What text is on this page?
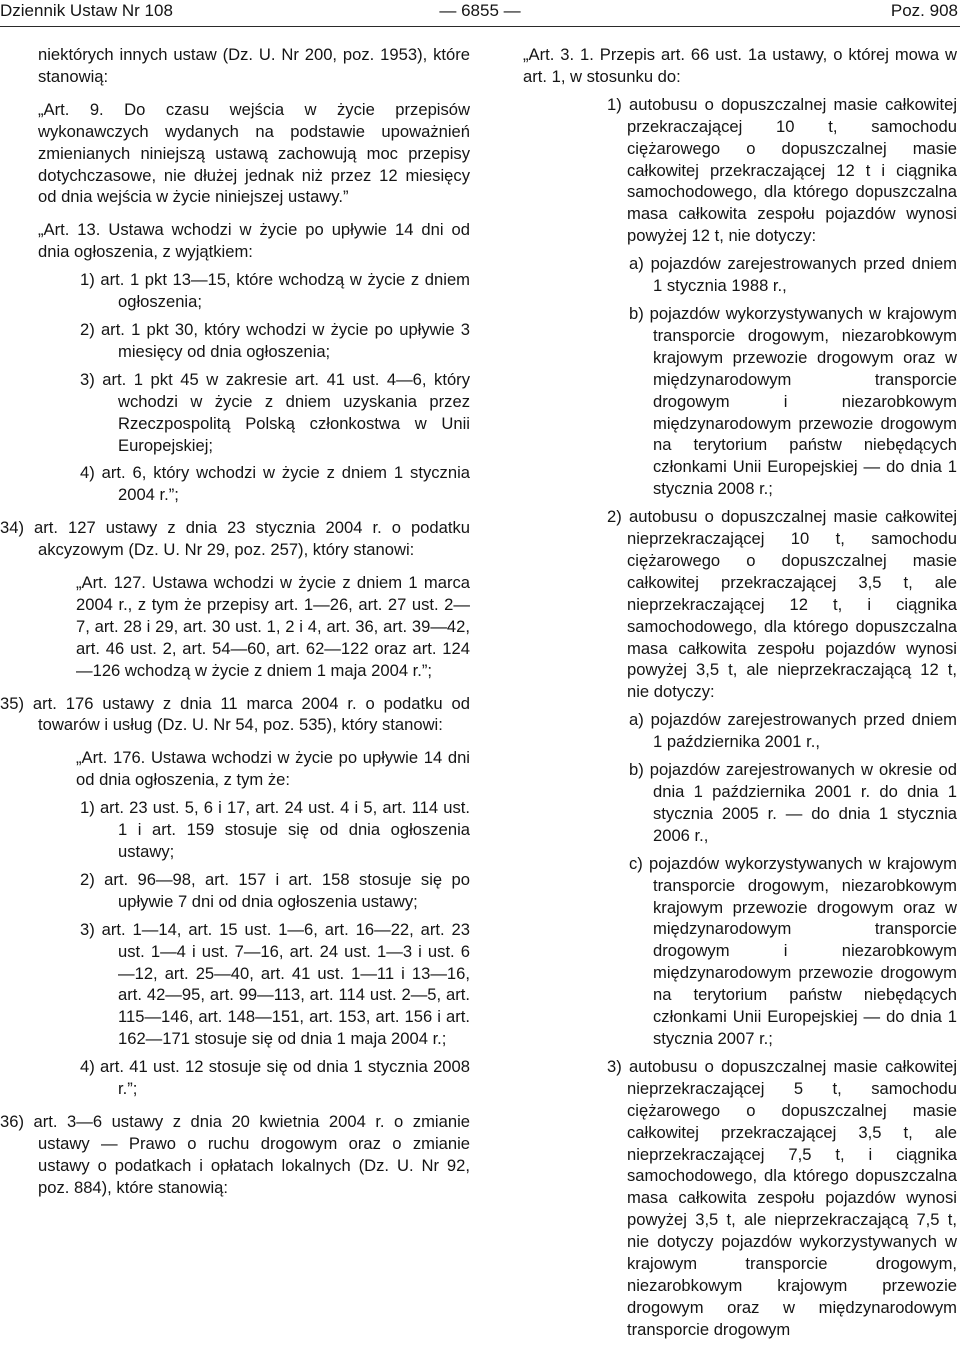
Dziennik Ustaw Nr 108	— 6855 —	Poz. 908

niektórych innych ustaw (Dz. U. Nr 200, poz. 1953), które stanowią:

„Art. 9. Do czasu wejścia w życie przepisów wykonawczych wydanych na podstawie upoważnień zmienianych niniejszą ustawą zachowują moc przepisy dotychczasowe, nie dłużej jednak niż przez 12 miesięcy od dnia wejścia w życie niniejszej ustawy.”

„Art. 13. Ustawa wchodzi w życie po upływie 14 dni od dnia ogłoszenia, z wyjątkiem:

1) art. 1 pkt 13—15, które wchodzą w życie z dniem ogłoszenia;

2) art. 1 pkt 30, który wchodzi w życie po upływie 3 miesięcy od dnia ogłoszenia;

3) art. 1 pkt 45 w zakresie art. 41 ust. 4—6, który wchodzi w życie z dniem uzyskania przez Rzeczpospolitą Polską członkostwa w Unii Europejskiej;

4) art. 6, który wchodzi w życie z dniem 1 stycznia 2004 r.”;

34) art. 127 ustawy z dnia 23 stycznia 2004 r. o podatku akcyzowym (Dz. U. Nr 29, poz. 257), który stanowi:

„Art. 127. Ustawa wchodzi w życie z dniem 1 marca 2004 r., z tym że przepisy art. 1—26, art. 27 ust. 2—7, art. 28 i 29, art. 30 ust. 1, 2 i 4, art. 36, art. 39—42, art. 46 ust. 2, art. 54—60, art. 62—122 oraz art. 124—126 wchodzą w życie z dniem 1 maja 2004 r.”;

35) art. 176 ustawy z dnia 11 marca 2004 r. o podatku od towarów i usług (Dz. U. Nr 54, poz. 535), który stanowi:

„Art. 176. Ustawa wchodzi w życie po upływie 14 dni od dnia ogłoszenia, z tym że:

1) art. 23 ust. 5, 6 i 17, art. 24 ust. 4 i 5, art. 114 ust. 1 i art. 159 stosuje się od dnia ogłoszenia ustawy;

2) art. 96—98, art. 157 i art. 158 stosuje się po upływie 7 dni od dnia ogłoszenia ustawy;

3) art. 1—14, art. 15 ust. 1—6, art. 16—22, art. 23 ust. 1—4 i ust. 7—16, art. 24 ust. 1—3 i ust. 6—12, art. 25—40, art. 41 ust. 1—11 i 13—16, art. 42—95, art. 99—113, art. 114 ust. 2—5, art. 115—146, art. 148—151, art. 153, art. 156 i art. 162—171 stosuje się od dnia 1 maja 2004 r.;

4) art. 41 ust. 12 stosuje się od dnia 1 stycznia 2008 r.”;

36) art. 3—6 ustawy z dnia 20 kwietnia 2004 r. o zmianie ustawy — Prawo o ruchu drogowym oraz o zmianie ustawy o podatkach i opłatach lokalnych (Dz. U. Nr 92, poz. 884), które stanowią:

„Art. 3. 1. Przepis art. 66 ust. 1a ustawy, o której mowa w art. 1, w stosunku do:

1) autobusu o dopuszczalnej masie całkowitej przekraczającej 10 t, samochodu ciężarowego o dopuszczalnej masie całkowitej przekraczającej 12 t i ciągnika samochodowego, dla którego dopuszczalna masa całkowita zespołu pojazdów wynosi powyżej 12 t, nie dotyczy:

a) pojazdów zarejestrowanych przed dniem 1 stycznia 1988 r.,

b) pojazdów wykorzystywanych w krajowym transporcie drogowym, niezarobkowym krajowym przewozie drogowym oraz w międzynarodowym transporcie drogowym i niezarobkowym międzynarodowym przewozie drogowym na terytorium państw niebędących członkami Unii Europejskiej — do dnia 1 stycznia 2008 r.;

2) autobusu o dopuszczalnej masie całkowitej nieprzekraczającej 10 t, samochodu ciężarowego o dopuszczalnej masie całkowitej przekraczającej 3,5 t, ale nieprzekraczającej 12 t, i ciągnika samochodowego, dla którego dopuszczalna masa całkowita zespołu pojazdów wynosi powyżej 3,5 t, ale nieprzekraczającą 12 t, nie dotyczy:

a) pojazdów zarejestrowanych przed dniem 1 października 2001 r.,

b) pojazdów zarejestrowanych w okresie od dnia 1 października 2001 r. do dnia 1 stycznia 2005 r. — do dnia 1 stycznia 2006 r.,

c) pojazdów wykorzystywanych w krajowym transporcie drogowym, niezarobkowym krajowym przewozie drogowym oraz w międzynarodowym transporcie drogowym i niezarobkowym międzynarodowym przewozie drogowym na terytorium państw niebędących członkami Unii Europejskiej — do dnia 1 stycznia 2007 r.;

3) autobusu o dopuszczalnej masie całkowitej nieprzekraczającej 5 t, samochodu ciężarowego o dopuszczalnej masie całkowitej przekraczającej 3,5 t, ale nieprzekraczającej 7,5 t, i ciągnika samochodowego, dla którego dopuszczalna masa całkowita zespołu pojazdów wynosi powyżej 3,5 t, ale nieprzekraczającą 7,5 t, nie dotyczy pojazdów wykorzystywanych w krajowym transporcie drogowym, niezarobkowym krajowym przewozie drogowym oraz w międzynarodowym transporcie drogowym
